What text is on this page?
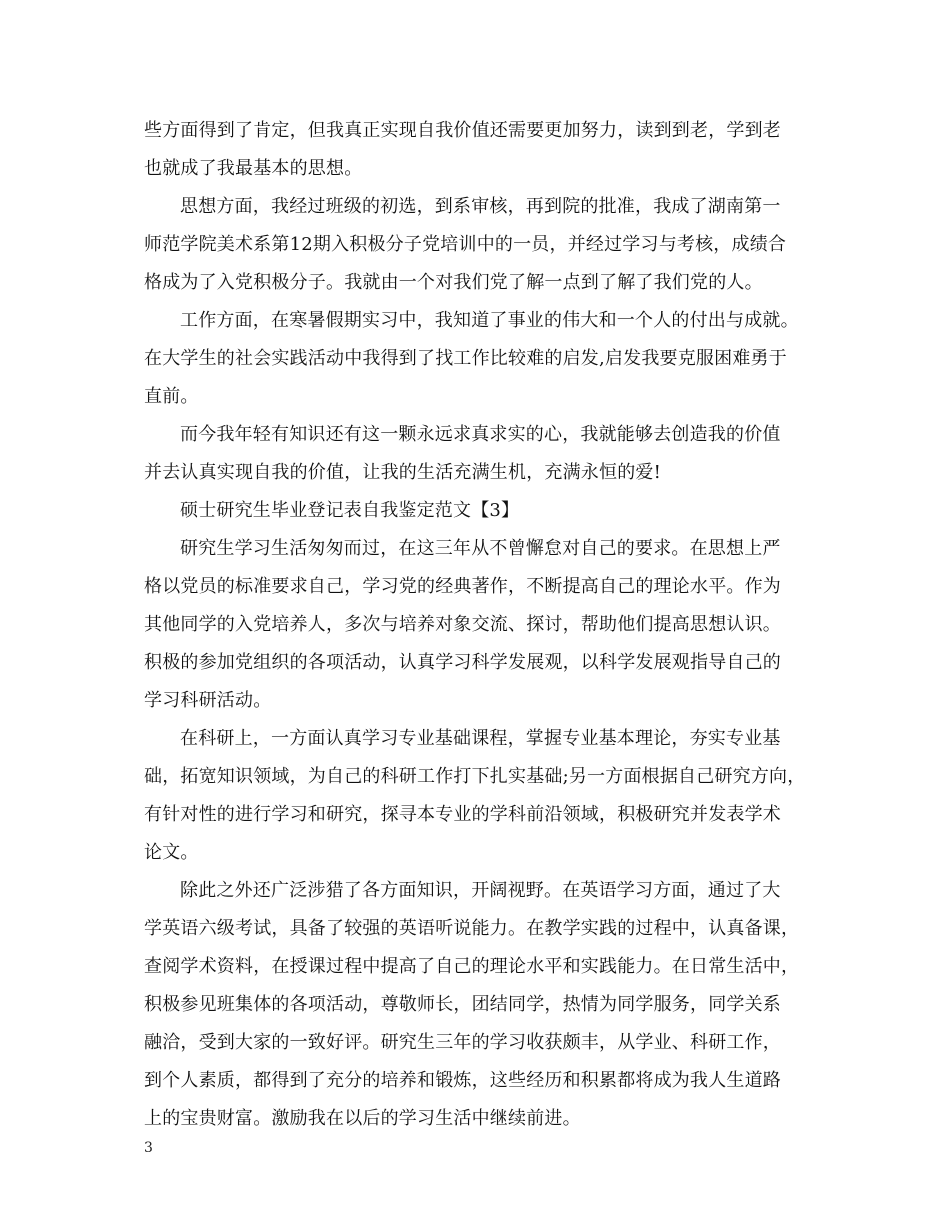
些方面得到了肯定，但我真正实现自我价值还需要更加努力，读到到老，学到老
也就成了我最基本的思想。
思想方面，我经过班级的初选，到系审核，再到院的批准，我成了湖南第一
师范学院美术系第12期入积极分子党培训中的一员，并经过学习与考核，成绩合
格成为了入党积极分子。我就由一个对我们党了解一点到了解了我们党的人。
工作方面，在寒暑假期实习中，我知道了事业的伟大和一个人的付出与成就。
在大学生的社会实践活动中我得到了找工作比较难的启发,启发我要克服困难勇于
直前。
而今我年轻有知识还有这一颗永远求真求实的心，我就能够去创造我的价值
并去认真实现自我的价值，让我的生活充满生机，充满永恒的爱!
硕士研究生毕业登记表自我鉴定范文【3】
研究生学习生活匆匆而过，在这三年从不曾懈怠对自己的要求。在思想上严
格以党员的标准要求自己，学习党的经典著作，不断提高自己的理论水平。作为
其他同学的入党培养人，多次与培养对象交流、探讨，帮助他们提高思想认识。
积极的参加党组织的各项活动，认真学习科学发展观，以科学发展观指导自己的
学习科研活动。
在科研上，一方面认真学习专业基础课程，掌握专业基本理论，夯实专业基
础，拓宽知识领域，为自己的科研工作打下扎实基础;另一方面根据自己研究方向，
有针对性的进行学习和研究，探寻本专业的学科前沿领域，积极研究并发表学术
论文。
除此之外还广泛涉猎了各方面知识，开阔视野。在英语学习方面，通过了大
学英语六级考试，具备了较强的英语听说能力。在教学实践的过程中，认真备课，
查阅学术资料，在授课过程中提高了自己的理论水平和实践能力。在日常生活中，
积极参见班集体的各项活动，尊敬师长，团结同学，热情为同学服务，同学关系
融洽，受到大家的一致好评。研究生三年的学习收获颇丰，从学业、科研工作，
到个人素质，都得到了充分的培养和锻炼，这些经历和积累都将成为我人生道路
上的宝贵财富。激励我在以后的学习生活中继续前进。
3
